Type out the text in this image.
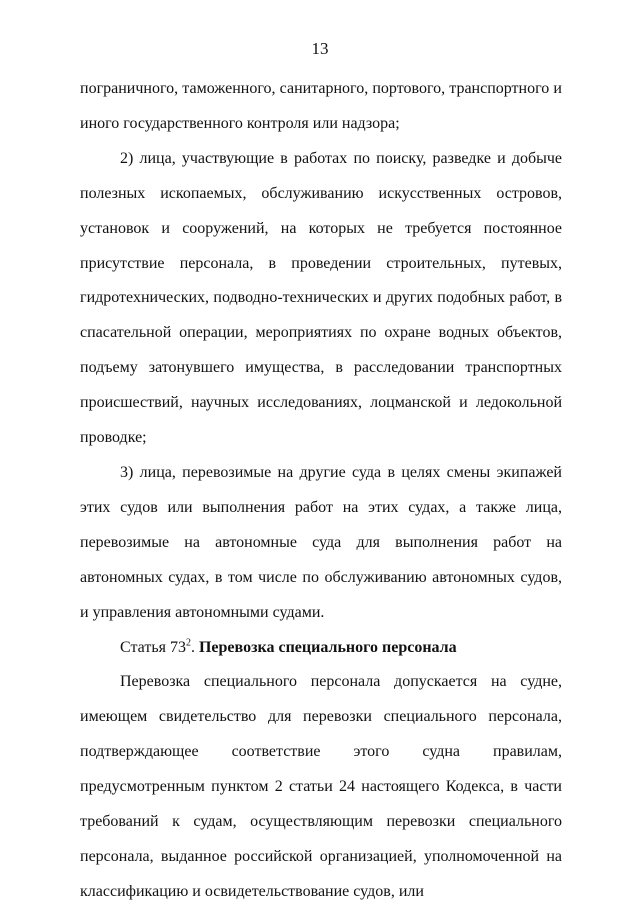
13

пограничного, таможенного, санитарного, портового, транспортного и иного государственного контроля или надзора;

2) лица, участвующие в работах по поиску, разведке и добыче полезных ископаемых, обслуживанию искусственных островов, установок и сооружений, на которых не требуется постоянное присутствие персонала, в проведении строительных, путевых, гидротехнических, подводно-технических и других подобных работ, в спасательной операции, мероприятиях по охране водных объектов, подъему затонувшего имущества, в расследовании транспортных происшествий, научных исследованиях, лоцманской и ледокольной проводке;

3) лица, перевозимые на другие суда в целях смены экипажей этих судов или выполнения работ на этих судах, а также лица, перевозимые на автономные суда для выполнения работ на автономных судах, в том числе по обслуживанию автономных судов, и управления автономными судами.

Статья $73^2$. Перевозка специального персонала

Перевозка специального персонала допускается на судне, имеющем свидетельство для перевозки специального персонала, подтверждающее соответствие этого судна правилам, предусмотренным пунктом 2 статьи 24 настоящего Кодекса, в части требований к судам, осуществляющим перевозки специального персонала, выданное российской организацией, уполномоченной на классификацию и освидетельствование судов, или
